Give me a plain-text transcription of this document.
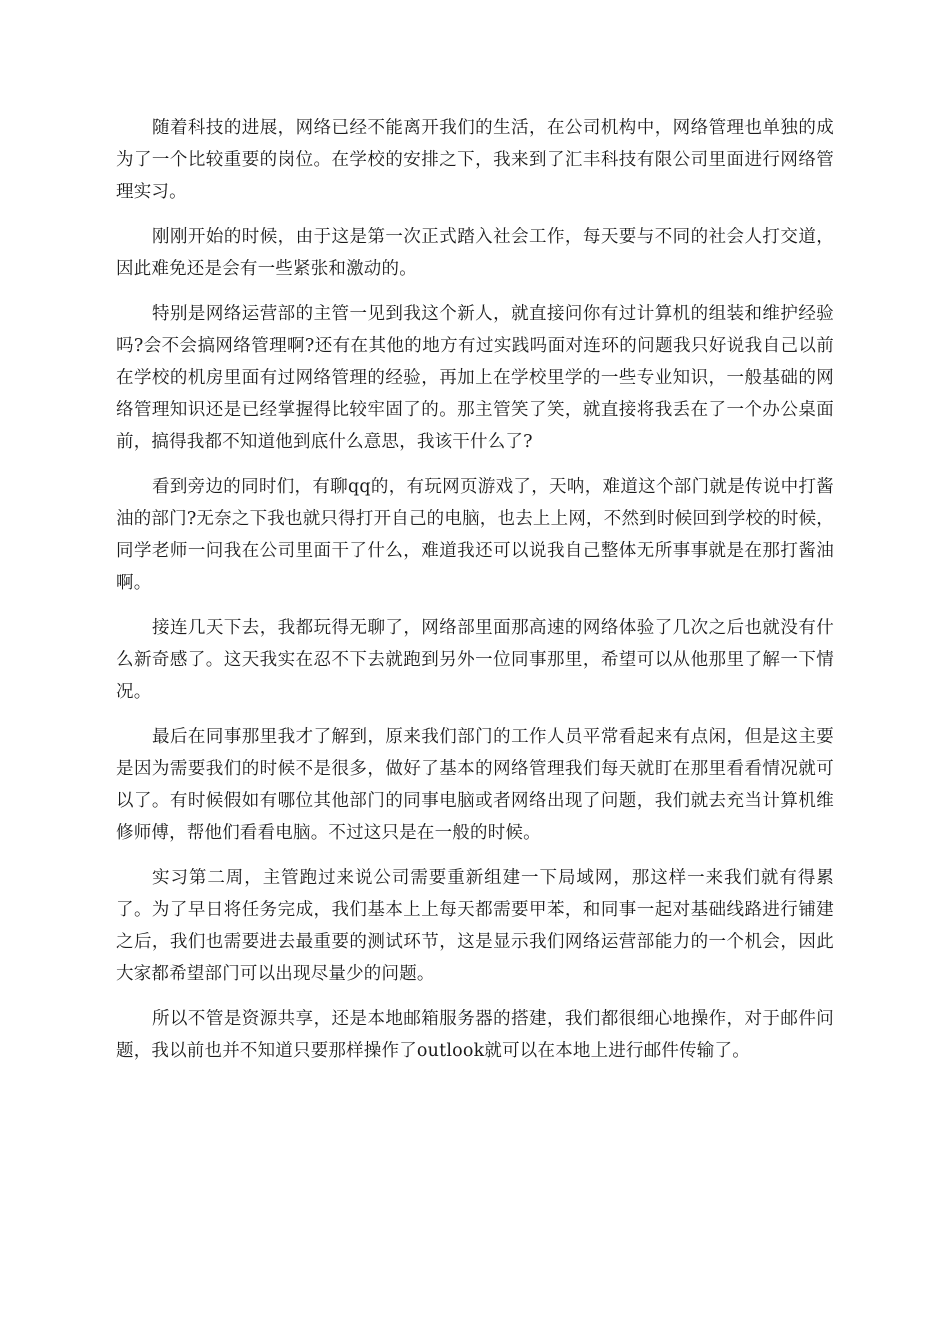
随着科技的进展，网络已经不能离开我们的生活，在公司机构中，网络管理也单独的成为了一个比较重要的岗位。在学校的安排之下，我来到了汇丰科技有限公司里面进行网络管理实习。

刚刚开始的时候，由于这是第一次正式踏入社会工作，每天要与不同的社会人打交道，因此难免还是会有一些紧张和激动的。

特别是网络运营部的主管一见到我这个新人，就直接问你有过计算机的组装和维护经验吗?会不会搞网络管理啊?还有在其他的地方有过实践吗面对连环的问题我只好说我自己以前在学校的机房里面有过网络管理的经验，再加上在学校里学的一些专业知识，一般基础的网络管理知识还是已经掌握得比较牢固了的。那主管笑了笑，就直接将我丢在了一个办公桌面前，搞得我都不知道他到底什么意思，我该干什么了?

看到旁边的同时们，有聊qq的，有玩网页游戏了，天呐，难道这个部门就是传说中打酱油的部门?无奈之下我也就只得打开自己的电脑，也去上上网，不然到时候回到学校的时候，同学老师一问我在公司里面干了什么，难道我还可以说我自己整体无所事事就是在那打酱油啊。

接连几天下去，我都玩得无聊了，网络部里面那高速的网络体验了几次之后也就没有什么新奇感了。这天我实在忍不下去就跑到另外一位同事那里，希望可以从他那里了解一下情况。

最后在同事那里我才了解到，原来我们部门的工作人员平常看起来有点闲，但是这主要是因为需要我们的时候不是很多，做好了基本的网络管理我们每天就盯在那里看看情况就可以了。有时候假如有哪位其他部门的同事电脑或者网络出现了问题，我们就去充当计算机维修师傅，帮他们看看电脑。不过这只是在一般的时候。

实习第二周，主管跑过来说公司需要重新组建一下局域网，那这样一来我们就有得累了。为了早日将任务完成，我们基本上上每天都需要甲苯，和同事一起对基础线路进行铺建之后，我们也需要进去最重要的测试环节，这是显示我们网络运营部能力的一个机会，因此大家都希望部门可以出现尽量少的问题。

所以不管是资源共享，还是本地邮箱服务器的搭建，我们都很细心地操作，对于邮件问题，我以前也并不知道只要那样操作了outlook就可以在本地上进行邮件传输了。
